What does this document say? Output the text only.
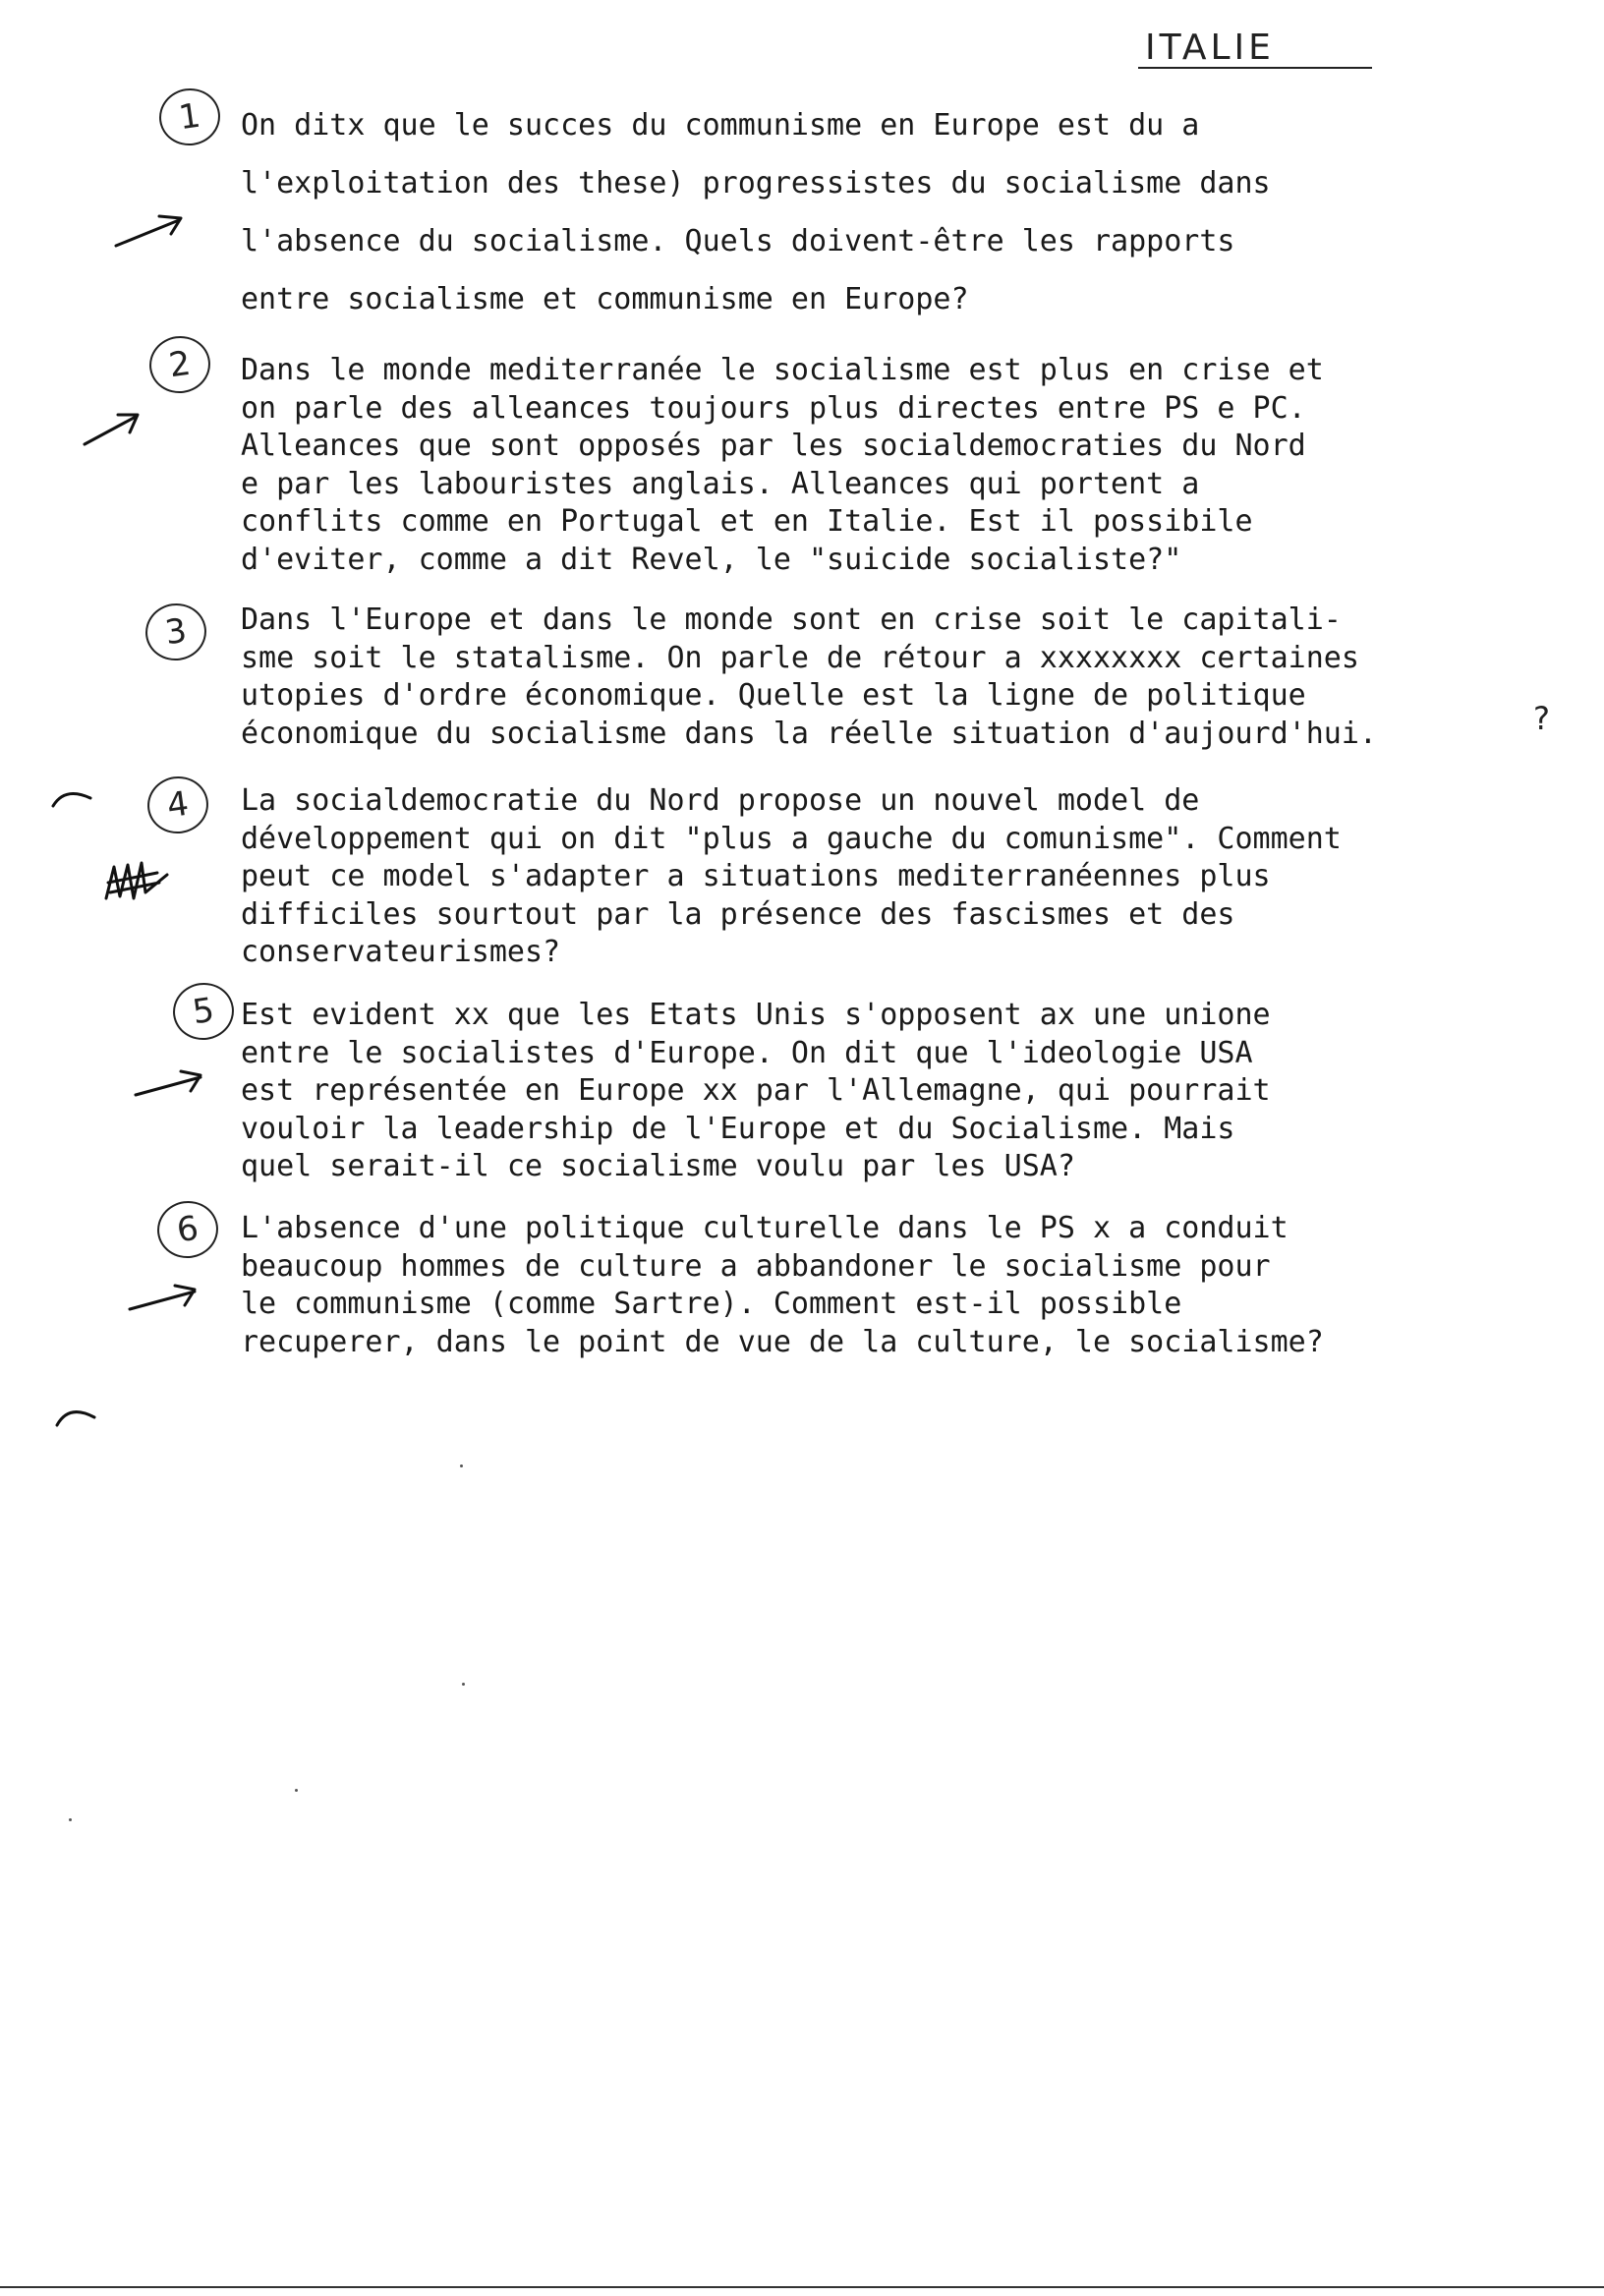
ITALIE
1
2
3
4
5
6
On ditx que le succes du communisme en Europe est du a
l'exploitation des these) progressistes du socialisme dans
l'absence du socialisme. Quels doivent-être les rapports
entre socialisme et communisme en Europe?
Dans le monde mediterranée le socialisme est plus en crise et
on parle des alleances toujours plus directes entre PS e PC.
Alleances que sont opposés par les socialdemocraties du Nord
e par les labouristes anglais. Alleances qui portent a
conflits comme en Portugal et en Italie. Est il possibile
d'eviter, comme a dit Revel, le "suicide socialiste?"
Dans l'Europe et dans le monde sont en crise soit le capitali-
sme soit le statalisme. On parle de rétour a xxxxxxxx certaines
utopies d'ordre économique. Quelle est la ligne de politique
économique du socialisme dans la réelle situation d'aujourd'hui.
La socialdemocratie du Nord propose un nouvel model de
développement qui on dit "plus a gauche du comunisme". Comment
peut ce model s'adapter a situations mediterranéennes plus
difficiles sourtout par la présence des fascismes et des
conservateurismes?
Est evident xx que les Etats Unis s'opposent ax une unione
entre le socialistes d'Europe. On dit que l'ideologie USA
est représentée en Europe xx par l'Allemagne, qui pourrait
vouloir la leadership de l'Europe et du Socialisme. Mais
quel serait-il ce socialisme voulu par les USA?
L'absence d'une politique culturelle dans le PS x a conduit
beaucoup hommes de culture a abbandoner le socialisme pour
le communisme (comme Sartre). Comment est-il possible
recuperer, dans le point de vue de la culture, le socialisme?
?
